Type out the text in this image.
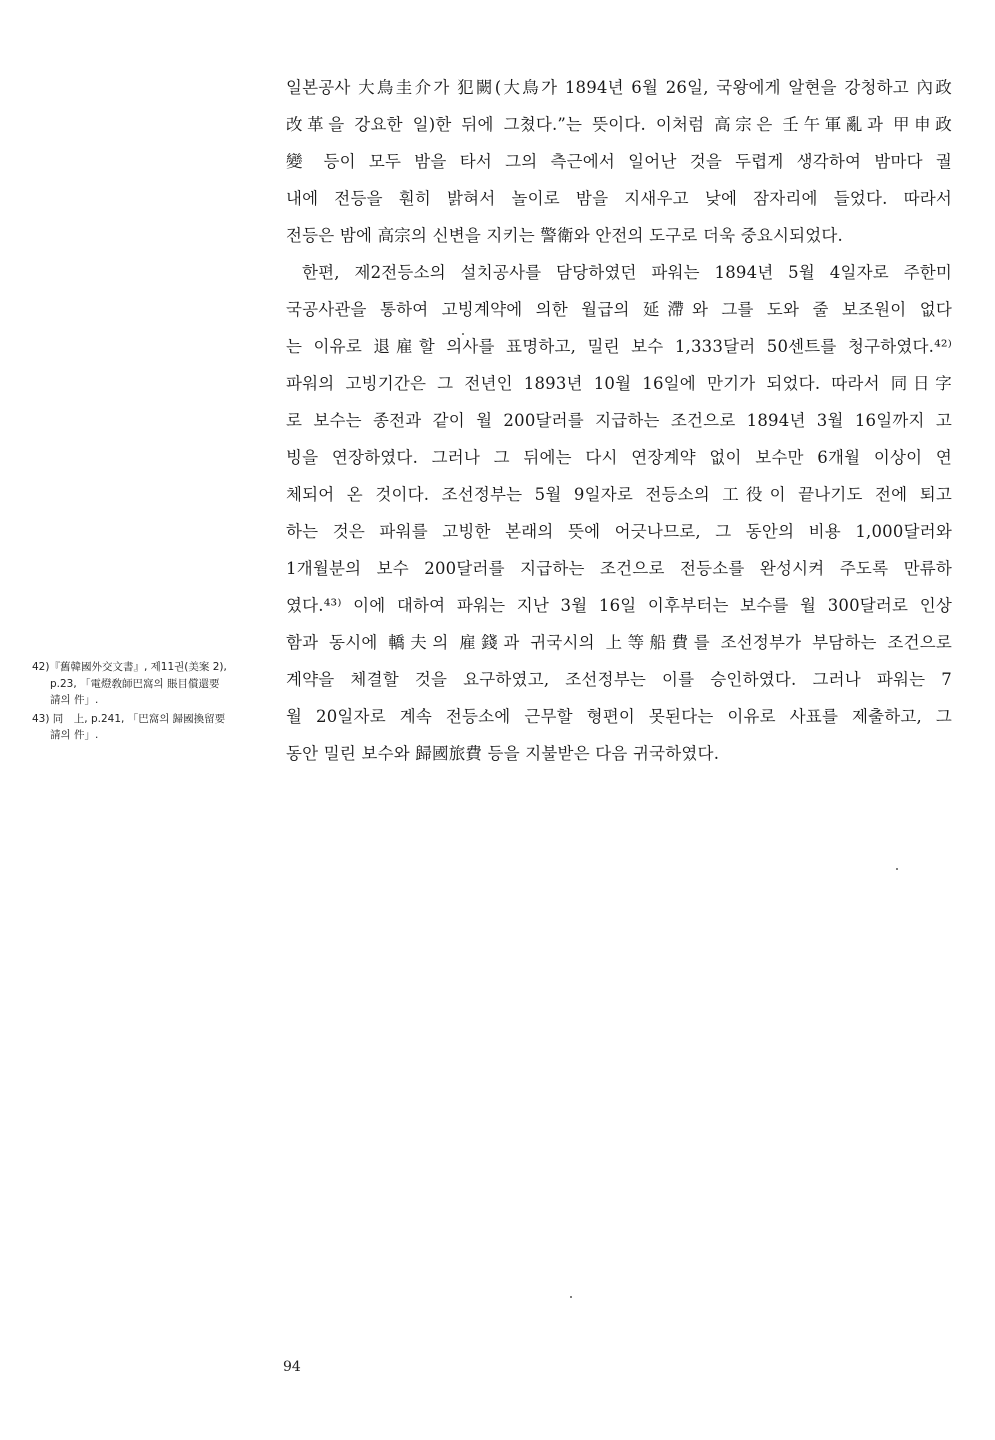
일본공사 大鳥圭介가 犯闕(大鳥가 1894년 6월 26일, 국왕에게 알현을 강청하고 內政
改革을 강요한 일)한 뒤에 그쳤다.”는 뜻이다. 이처럼 高宗은 壬午軍亂과 甲申政
變 등이 모두 밤을 타서 그의 측근에서 일어난 것을 두렵게 생각하여 밤마다 궐
내에 전등을 훤히 밝혀서 놀이로 밤을 지새우고 낮에 잠자리에 들었다. 따라서
전등은 밤에 高宗의 신변을 지키는 警衛와 안전의 도구로 더욱 중요시되었다.
한편, 제2전등소의 설치공사를 담당하였던 파워는 1894년 5월 4일자로 주한미
국공사관을 통하여 고빙계약에 의한 월급의 延滯와 그를 도와 줄 보조원이 없다
는 이유로 退雇할 의사를 표명하고, 밀린 보수 1,333달러 50센트를 청구하였다.⁴²⁾
파워의 고빙기간은 그 전년인 1893년 10월 16일에 만기가 되었다. 따라서 同日字
로 보수는 종전과 같이 월 200달러를 지급하는 조건으로 1894년 3월 16일까지 고
빙을 연장하였다. 그러나 그 뒤에는 다시 연장계약 없이 보수만 6개월 이상이 연
체되어 온 것이다. 조선정부는 5월 9일자로 전등소의 工役이 끝나기도 전에 퇴고
하는 것은 파워를 고빙한 본래의 뜻에 어긋나므로, 그 동안의 비용 1,000달러와
1개월분의 보수 200달러를 지급하는 조건으로 전등소를 완성시켜 주도록 만류하
였다.⁴³⁾ 이에 대하여 파워는 지난 3월 16일 이후부터는 보수를 월 300달러로 인상
함과 동시에 轎夫의 雇錢과 귀국시의 上等船費를 조선정부가 부담하는 조건으로
계약을 체결할 것을 요구하였고, 조선정부는 이를 승인하였다. 그러나 파워는 7
월 20일자로 계속 전등소에 근무할 형편이 못된다는 이유로 사표를 제출하고, 그
동안 밀린 보수와 歸國旅費 등을 지불받은 다음 귀국하였다.
42)『舊韓國外交文書』, 제11권(美案 2),
p.23, 「電燈敎師巴窩의 賬目償還要
請의 件」.
43) 同　上, p.241, 「巴窩의 歸國換留要
請의 件」.
94
